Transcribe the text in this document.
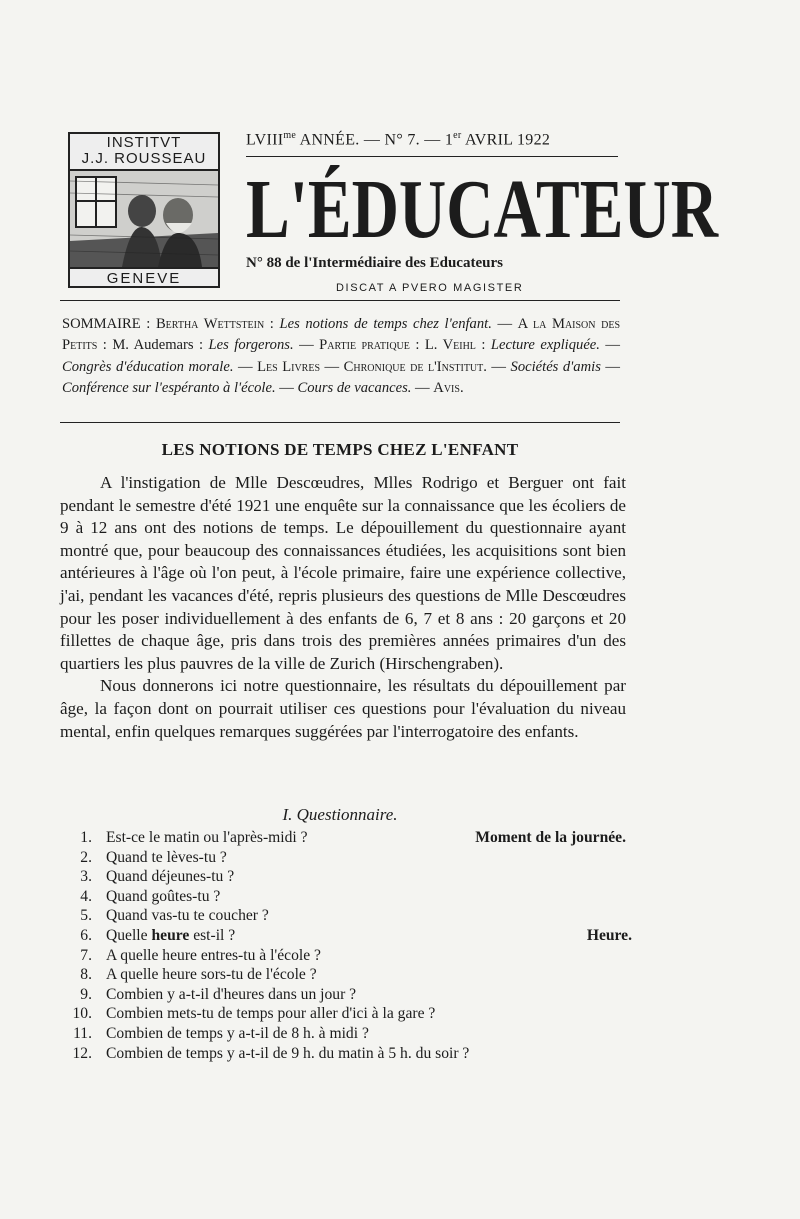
INSTITVT
J.J. ROUSSEAU
GENEVE
$LVIII^{me}$ ANNÉE. — N° 7. — 1er AVRIL 1922
L'ÉDUCATEUR
N° 88 de l'Intermédiaire des Educateurs
DISCAT A PVERO MAGISTER
SOMMAIRE : Bertha Wettstein : Les notions de temps chez l'enfant. — A la Maison des Petits : M. Audemars : Les forgerons. — Partie pratique : L. Veihl : Lecture expliquée. — Congrès d'éducation morale. — Les Livres — Chronique de l'Institut. — Sociétés d'amis — Conférence sur l'espéranto à l'école. — Cours de vacances. — Avis.
LES NOTIONS DE TEMPS CHEZ L'ENFANT

A l'instigation de Mlle Descœudres, Mlles Rodrigo et Berguer ont fait pendant le semestre d'été 1921 une enquête sur la connaissance que les écoliers de 9 à 12 ans ont des notions de temps. Le dépouillement du questionnaire ayant montré que, pour beaucoup des connaissances étudiées, les acquisitions sont bien antérieures à l'âge où l'on peut, à l'école primaire, faire une expérience collective, j'ai, pendant les vacances d'été, repris plusieurs des questions de Mlle Descœudres pour les poser individuellement à des enfants de 6, 7 et 8 ans : 20 garçons et 20 fillettes de chaque âge, pris dans trois des premières années primaires d'un des quartiers les plus pauvres de la ville de Zurich (Hirschengraben).

Nous donnerons ici notre questionnaire, les résultats du dépouillement par âge, la façon dont on pourrait utiliser ces questions pour l'évaluation du niveau mental, enfin quelques remarques suggérées par l'interrogatoire des enfants.

I. Questionnaire.
1. Est-ce le matin ou l'après-midi ?	Moment de la journée.
2. Quand te lèves-tu ?
3. Quand déjeunes-tu ?
4. Quand goûtes-tu ?
5. Quand vas-tu te coucher ?
6. Quelle heure est-il ?	Heure.
7. A quelle heure entres-tu à l'école ?
8. A quelle heure sors-tu de l'école ?
9. Combien y a-t-il d'heures dans un jour ?
10. Combien mets-tu de temps pour aller d'ici à la gare ?
11. Combien de temps y a-t-il de 8 h. à midi ?
12. Combien de temps y a-t-il de 9 h. du matin à 5 h. du soir ?
